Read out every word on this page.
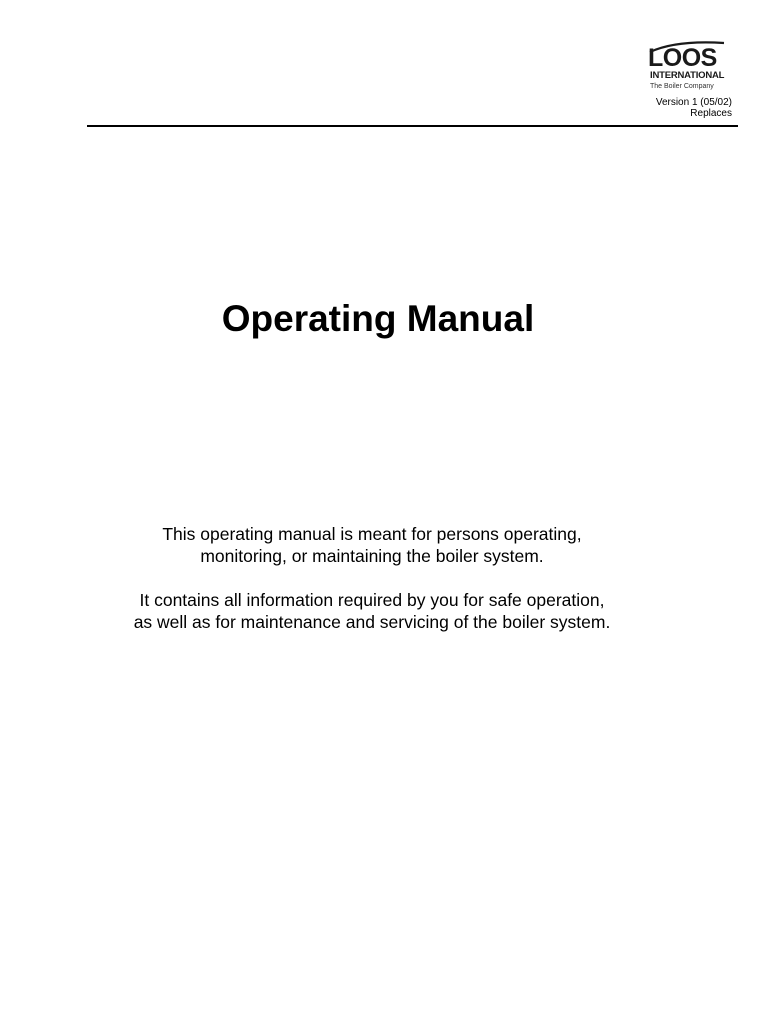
LOOS
INTERNATIONAL
The Boiler Company
Version 1 (05/02)
Replaces
Operating Manual

This operating manual is meant for persons operating,
monitoring, or maintaining the boiler system.

It contains all information required by you for safe operation,
as well as for maintenance and servicing of the boiler system.
